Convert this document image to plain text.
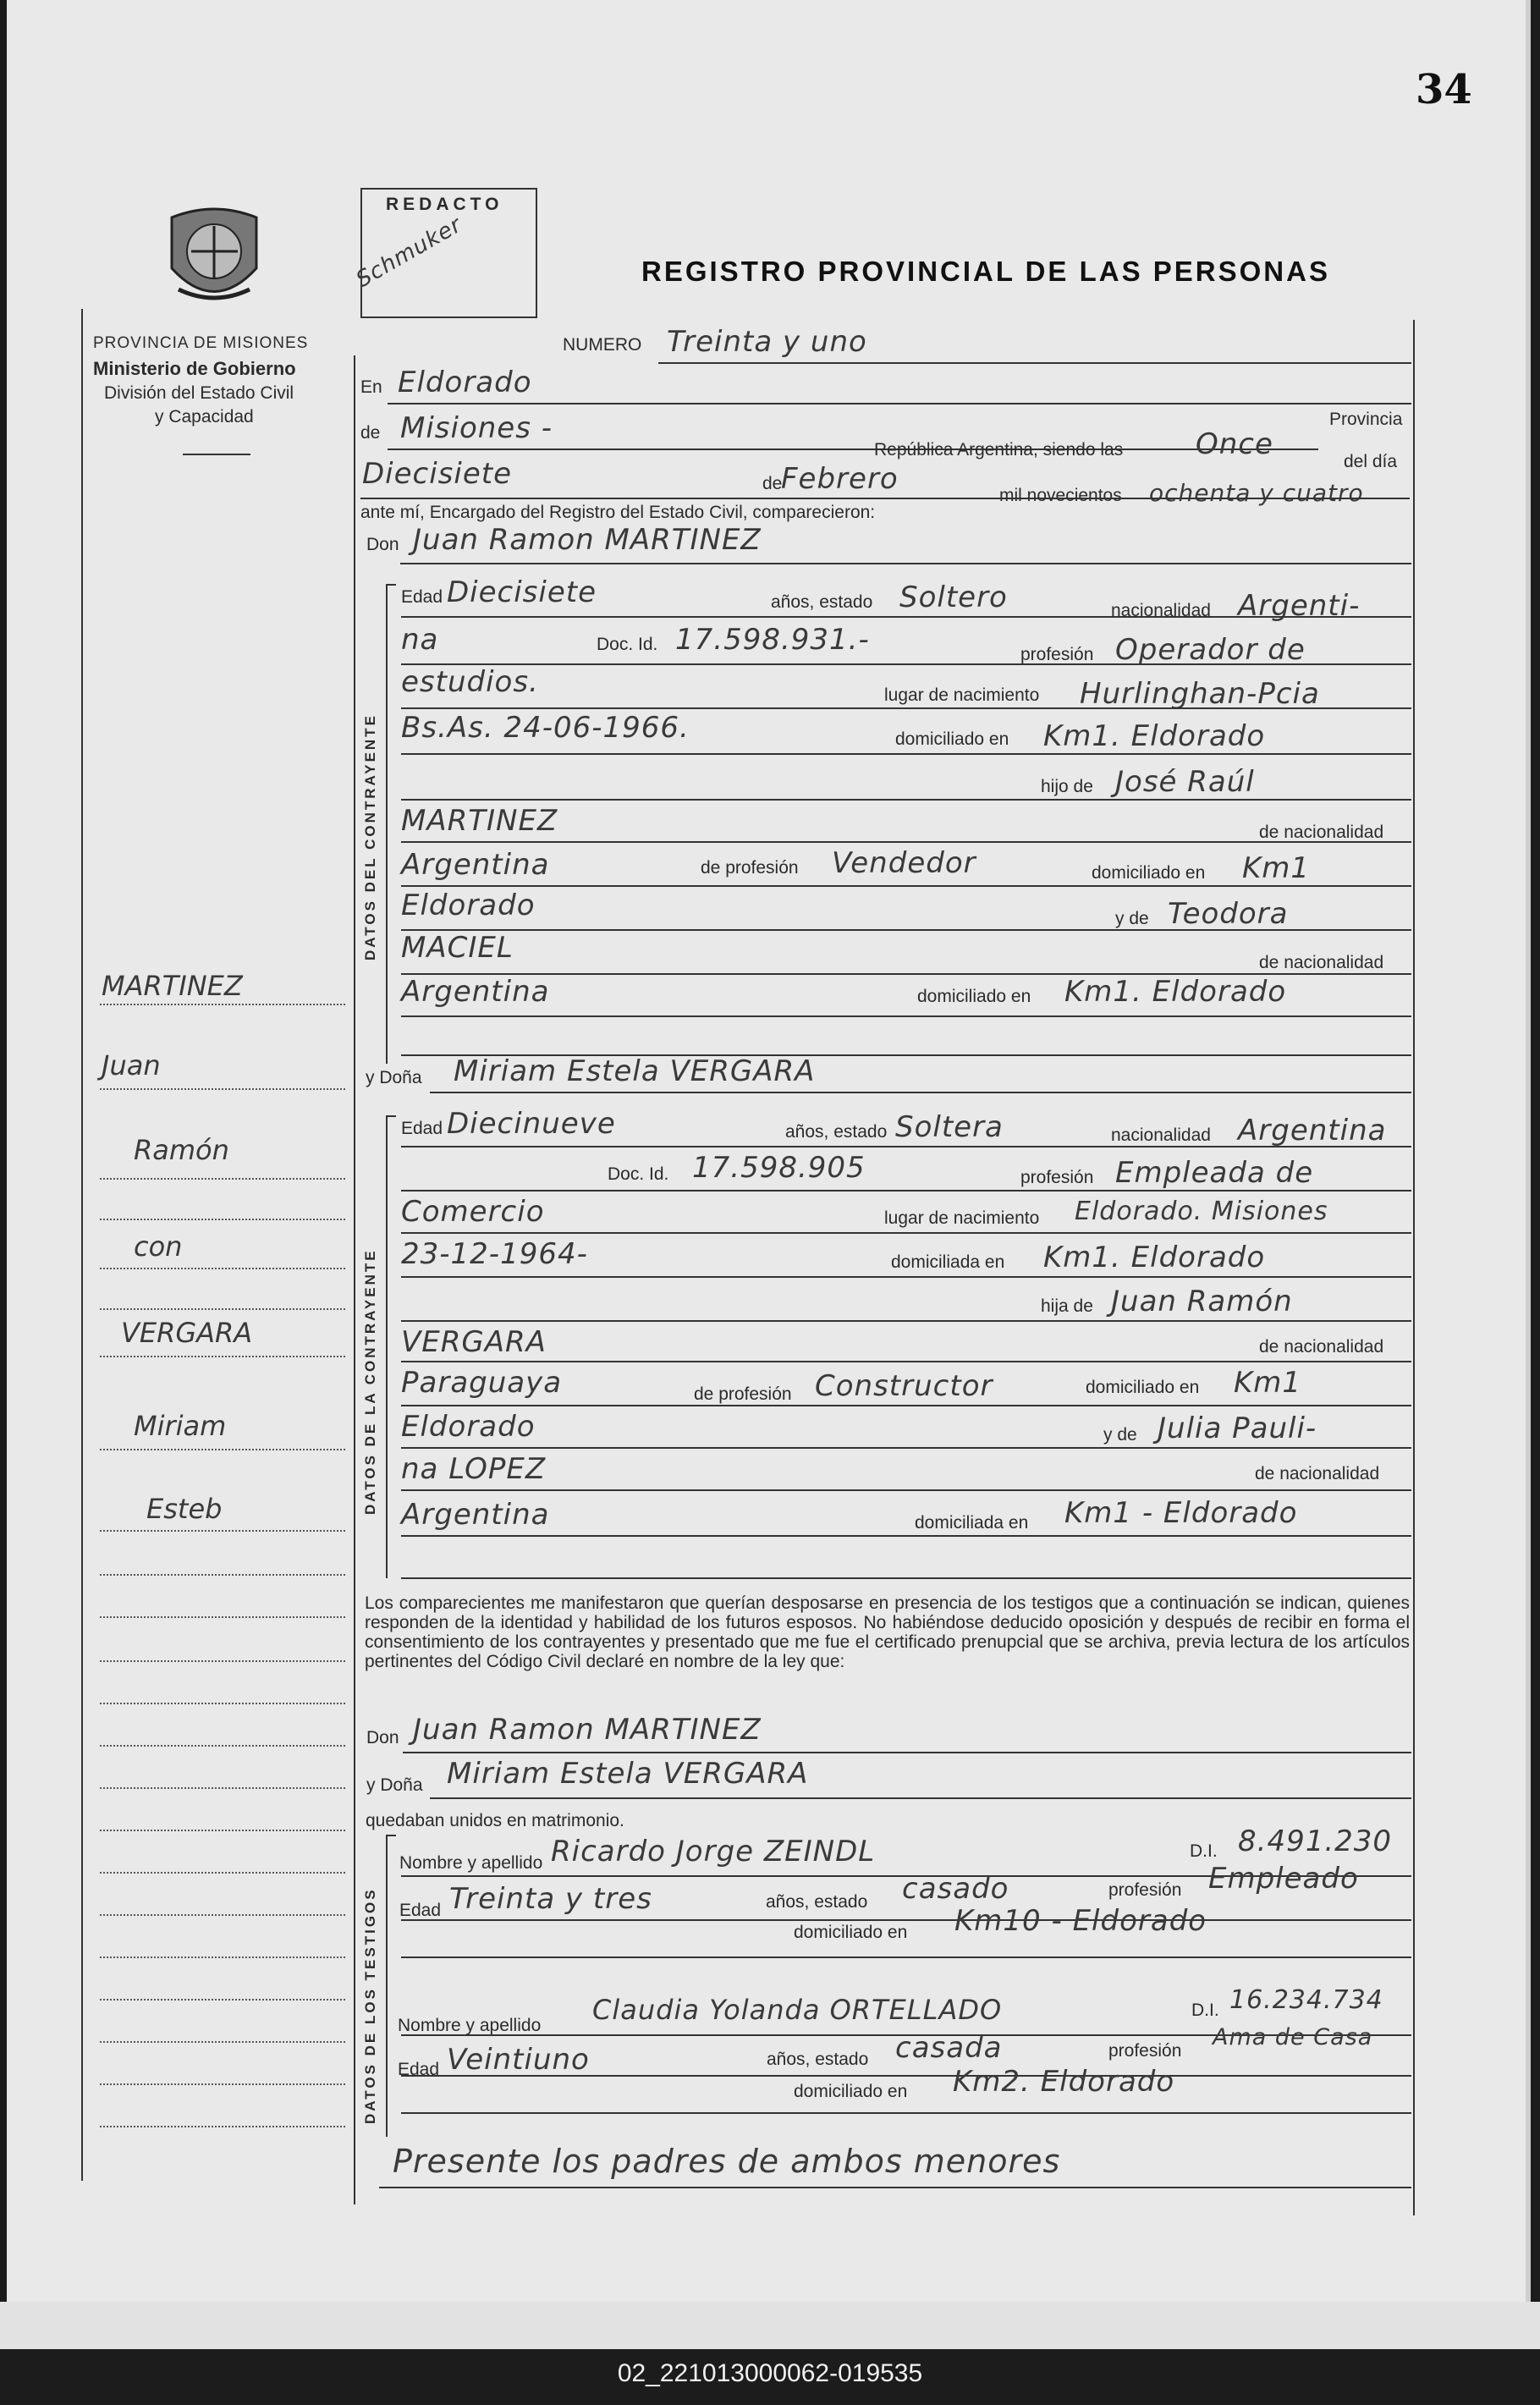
34
PROVINCIA DE MISIONES
Ministerio de Gobierno
División del Estado Civil
y Capacidad
REDACTO
Schmuker	REGISTRO PROVINCIAL DE LAS PERSONAS
NUMERO Treinta y uno
En Eldorado
Provincia
de Misiones -
República Argentina, siendo las	Once
del día
Diecisiete	de
Febrero	mil novecientos ochenta y cuatro
ante mí, Encargado del Registro del Estado Civil, comparecieron:
Don Juan Ramon MARTINEZ
DATOS DEL CONTRAYENTE
Edad Diecisiete	años, estado Soltero	nacionalidad Argenti-
na	Doc. Id. 17.598.931.-	profesión Operador de
estudios.	lugar de nacimiento Hurlinghan-Pcia
Bs.As. 24-06-1966.	domiciliado en Km1. Eldorado
hijo de José Raúl
MARTINEZ	de nacionalidad
Argentina	de profesión Vendedor	domiciliado en Km1
Eldorado	y de Teodora
MACIEL	de nacionalidad
Argentina	domiciliado en Km1. Eldorado
y Doña Miriam Estela VERGARA
DATOS DE LA CONTRAYENTE
Edad Diecinueve	años, estado Soltera	nacionalidad Argentina
Doc. Id. 17.598.905	profesión Empleada de
Comercio	lugar de nacimiento Eldorado. Misiones
23-12-1964-	domiciliada en Km1. Eldorado
hija de Juan Ramón
VERGARA	de nacionalidad
Paraguaya	de profesión Constructor	domiciliado en Km1
Eldorado	y de Julia Pauli-
na LOPEZ	de nacionalidad
Argentina	domiciliada en Km1 - Eldorado
Los comparecientes me manifestaron que querían desposarse en presencia de los testigos que a continuación se indican, quienes responden de la identidad y habilidad de los futuros esposos. No habiéndose deducido oposición y después de recibir en forma el consentimiento de los contrayentes y presentado que me fue el certificado prenupcial que se archiva, previa lectura de los artículos pertinentes del Código Civil declaré en nombre de la ley que:
Don Juan Ramon MARTINEZ
y Doña Miriam Estela VERGARA
quedaban unidos en matrimonio.
DATOS DE LOS TESTIGOS
Nombre y apellido Ricardo Jorge ZEINDL	D.I. 8.491.230
Edad Treinta y tres	años, estado casado	profesión Empleado
domiciliado en Km10 - Eldorado
Nombre y apellido Claudia Yolanda ORTELLADO	D.I. 16.234.734
Edad Veintiuno	años, estado casada	profesión
Ama de Casa
domiciliado en Km2. Eldorado
Presente los padres de ambos menores
MARTINEZ
Juan
Ramón
con
VERGARA
Miriam
Esteb
02_221013000062-019535
